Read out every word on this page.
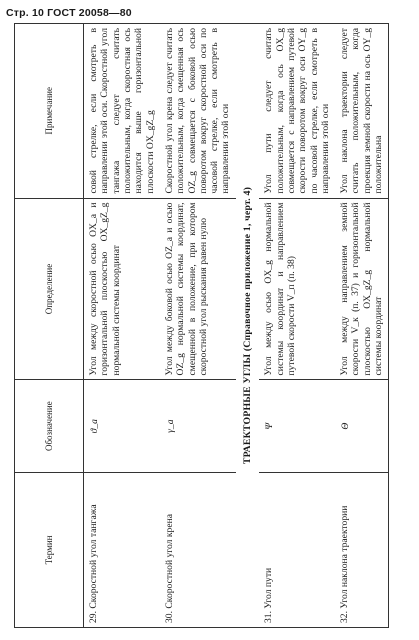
Стр. 10 ГОСТ 20058—80
Термин	Обозначение	Определение	Примечание
29. Скоростной угол тангажа	ϑ_а	Угол между скоростной осью OX_а и горизонтальной плоскостью OX_gZ_g нормальной системы координат	совой стрелке, если смотреть в направлении этой оси. Скоростной угол тангажа следует считать положительным, когда скоростная ось находится выше горизонтальной плоскости OX_gZ_g
30. Скоростной угол крена	γ_а	Угол между боковой осью OZ_а и осью OZ_g нормальной системы координат, смещенной в положение, при котором скоростной угол рыскания равен нулю	Скоростной угол крена следует считать положительным, когда смещенная ось OZ_g совмещается с боковой осью поворотом вокруг скоростной оси по часовой стрелке, если смотреть в направлении этой оси
ТРАЕКТОРНЫЕ УГЛЫ (Справочное приложение 1, черт. 4)			
31. Угол пути	Ψ	Угол между осью OX_g нормальной системы координат и направлением путевой скорости V_п (п. 38)	Угол пути следует считать положительным, когда ось OX_g совмещается с направлением путевой скорости поворотом вокруг оси OY_g по часовой стрелке, если смотреть в направлении этой оси
32. Угол наклона траектории	Θ	Угол между направлением земной скорости V_к (п. 37) и горизонтальной плоскостью OX_gZ_g нормальной системы координат	Угол наклона траектории следует считать положительным, когда проекция земной скорости на ось OY_g положительна
